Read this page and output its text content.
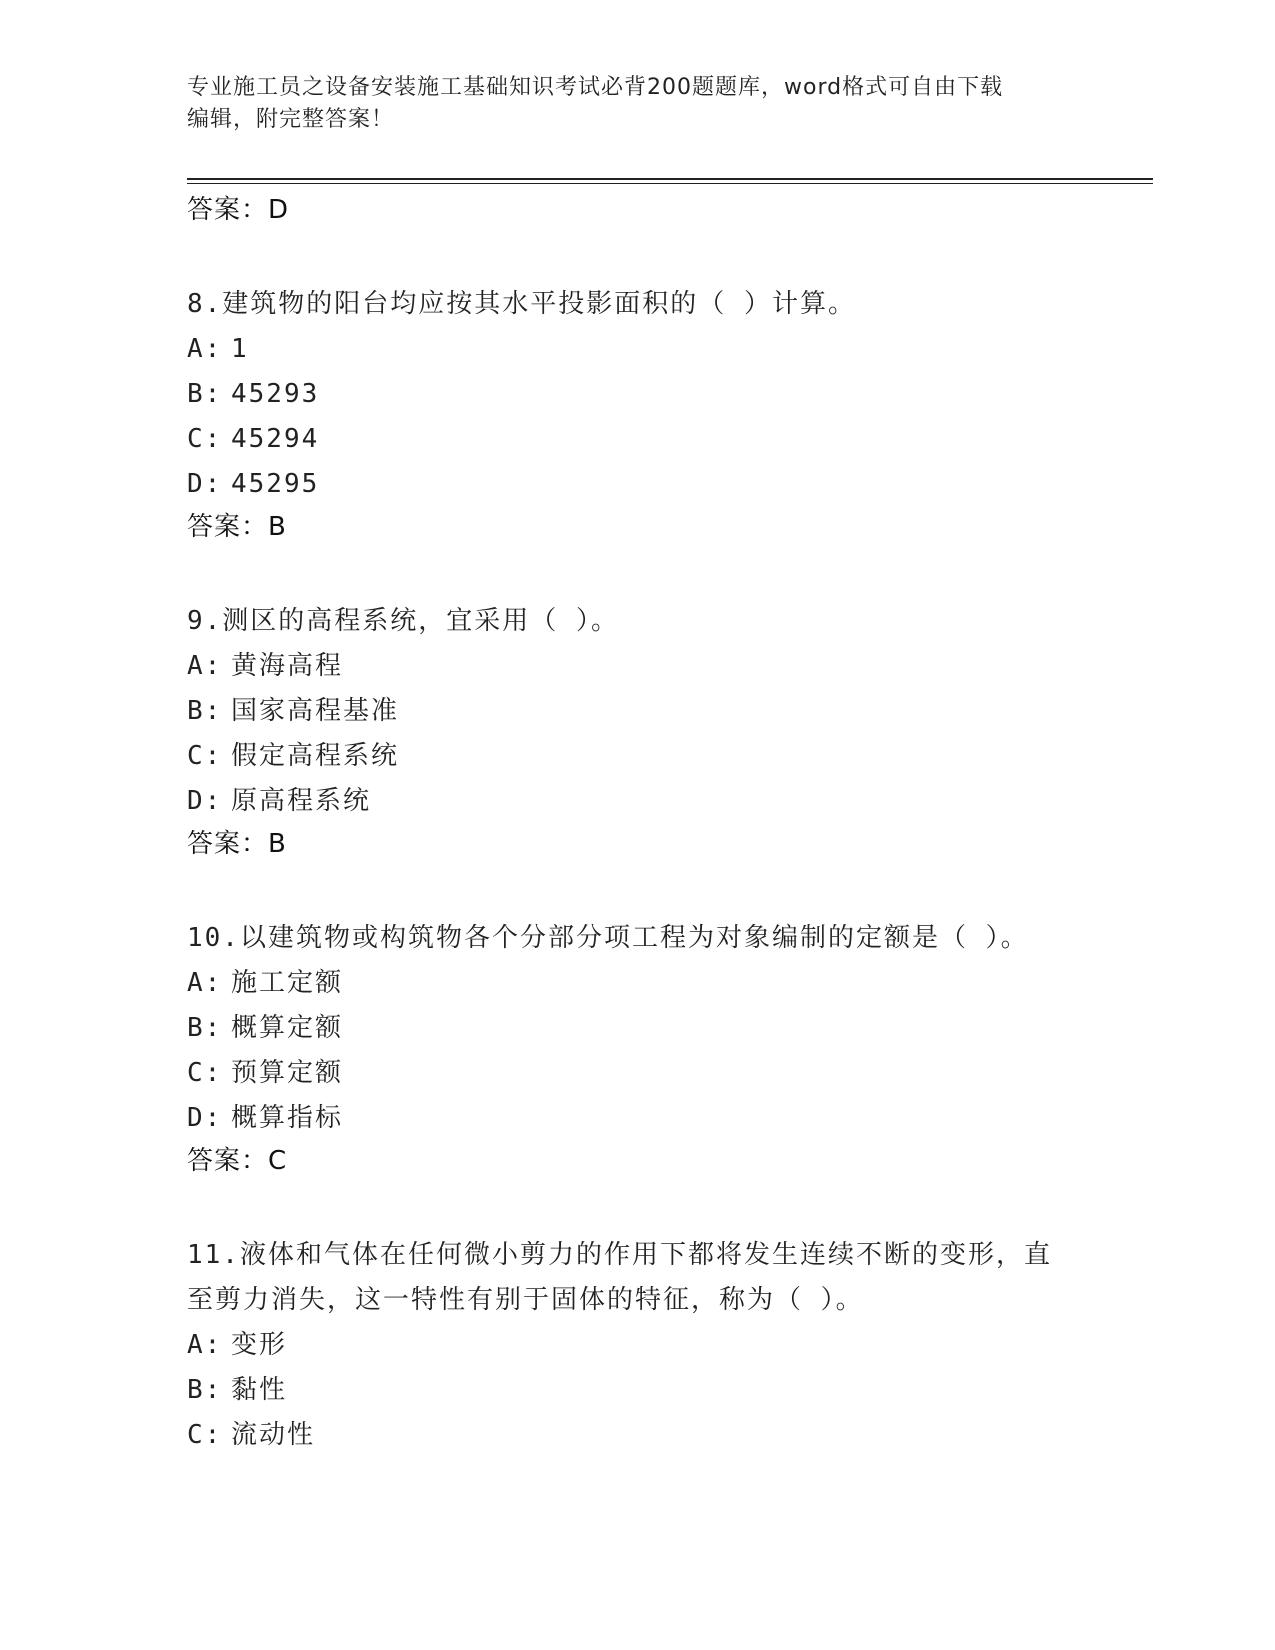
专业施工员之设备安装施工基础知识考试必背200题题库，word格式可自由下载
编辑，附完整答案！
答案：D
8.建筑物的阳台均应按其水平投影面积的（ ）计算。
A: 1
B: 45293
C: 45294
D: 45295
答案：B
9.测区的高程系统，宜采用（ ）。
A: 黄海高程
B: 国家高程基准
C: 假定高程系统
D: 原高程系统
答案：B
10.以建筑物或构筑物各个分部分项工程为对象编制的定额是（ ）。
A: 施工定额
B: 概算定额
C: 预算定额
D: 概算指标
答案：C
11.液体和气体在任何微小剪力的作用下都将发生连续不断的变形，直至剪力消失，这一特性有别于固体的特征，称为（ ）。
A: 变形
B: 黏性
C: 流动性
